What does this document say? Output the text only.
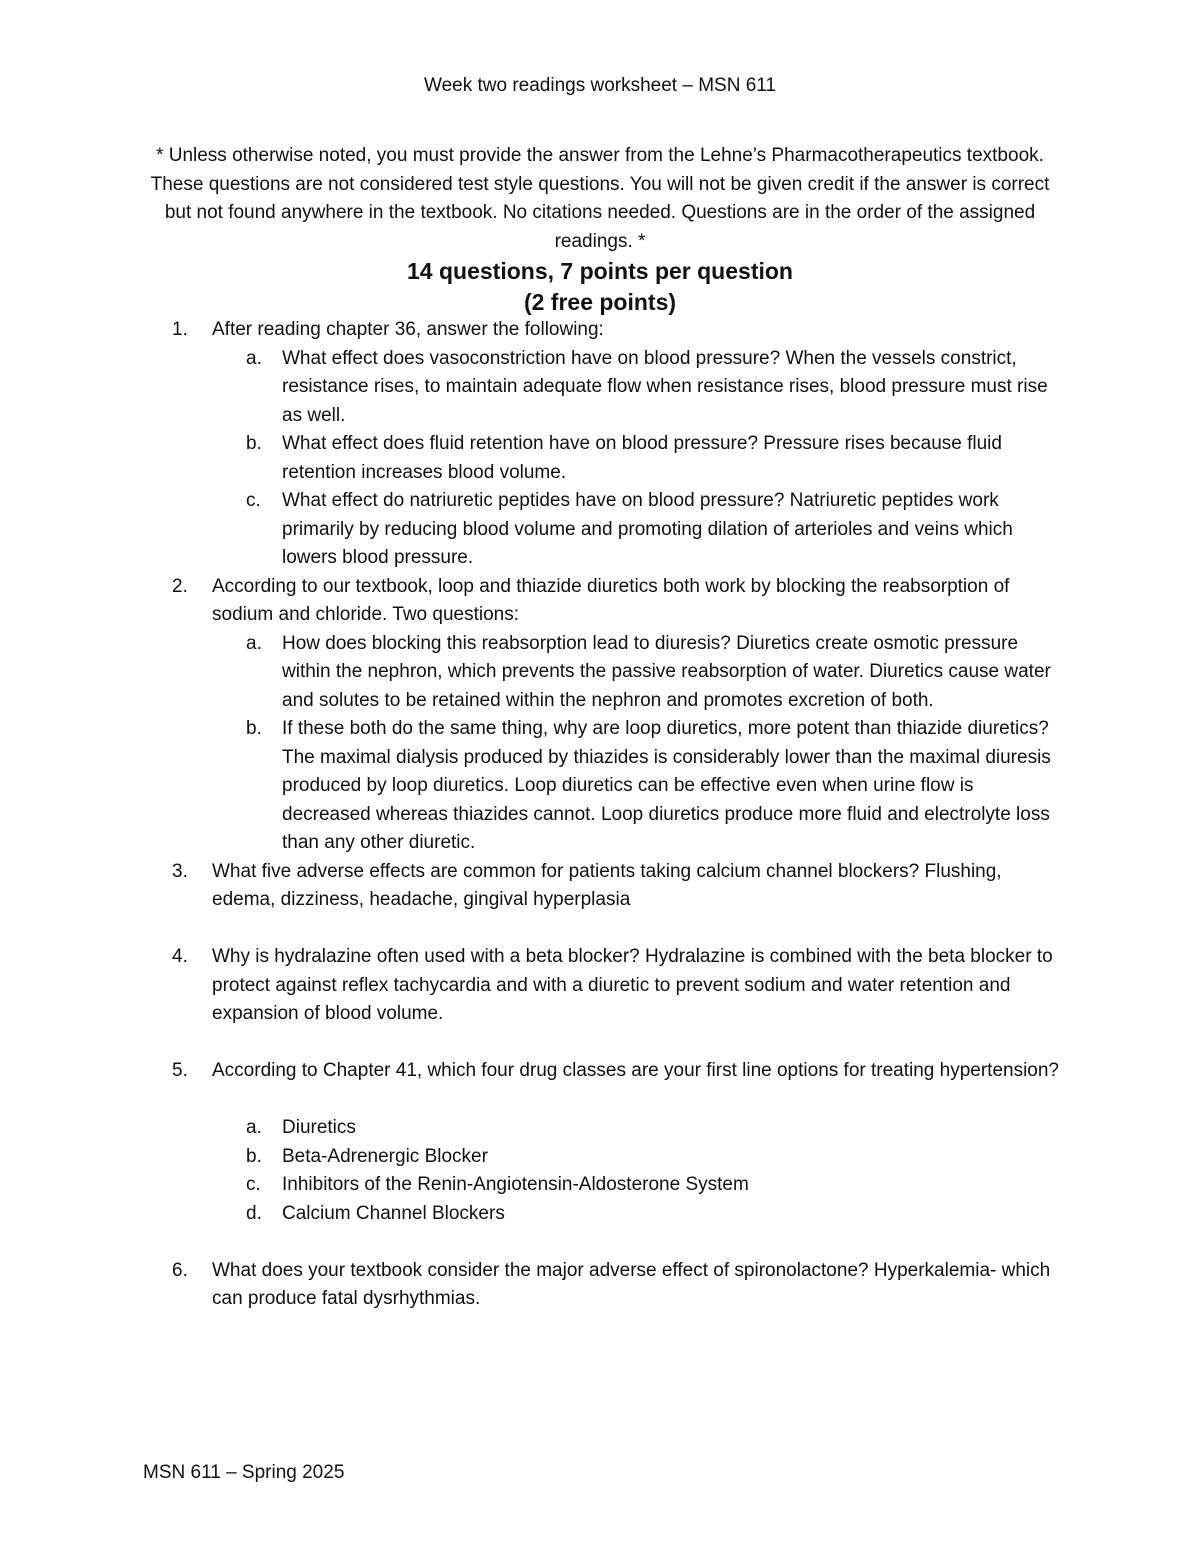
Week two readings worksheet – MSN 611

* Unless otherwise noted, you must provide the answer from the Lehne’s Pharmacotherapeutics textbook. These questions are not considered test style questions. You will not be given credit if the answer is correct but not found anywhere in the textbook. No citations needed. Questions are in the order of the assigned readings. *

14 questions, 7 points per question

(2 free points)

1. After reading chapter 36, answer the following:
a. What effect does vasoconstriction have on blood pressure? When the vessels constrict, resistance rises, to maintain adequate flow when resistance rises, blood pressure must rise as well.
b. What effect does fluid retention have on blood pressure? Pressure rises because fluid retention increases blood volume.
c. What effect do natriuretic peptides have on blood pressure? Natriuretic peptides work primarily by reducing blood volume and promoting dilation of arterioles and veins which lowers blood pressure.
2. According to our textbook, loop and thiazide diuretics both work by blocking the reabsorption of sodium and chloride. Two questions:
a. How does blocking this reabsorption lead to diuresis? Diuretics create osmotic pressure within the nephron, which prevents the passive reabsorption of water. Diuretics cause water and solutes to be retained within the nephron and promotes excretion of both.
b. If these both do the same thing, why are loop diuretics, more potent than thiazide diuretics? The maximal dialysis produced by thiazides is considerably lower than the maximal diuresis produced by loop diuretics. Loop diuretics can be effective even when urine flow is decreased whereas thiazides cannot. Loop diuretics produce more fluid and electrolyte loss than any other diuretic.
3. What five adverse effects are common for patients taking calcium channel blockers? Flushing, edema, dizziness, headache, gingival hyperplasia
4. Why is hydralazine often used with a beta blocker? Hydralazine is combined with the beta blocker to protect against reflex tachycardia and with a diuretic to prevent sodium and water retention and expansion of blood volume.
5. According to Chapter 41, which four drug classes are your first line options for treating hypertension?
a. Diuretics
b. Beta-Adrenergic Blocker
c. Inhibitors of the Renin-Angiotensin-Aldosterone System
d. Calcium Channel Blockers
6. What does your textbook consider the major adverse effect of spironolactone? Hyperkalemia- which can produce fatal dysrhythmias.

MSN 611 – Spring 2025
